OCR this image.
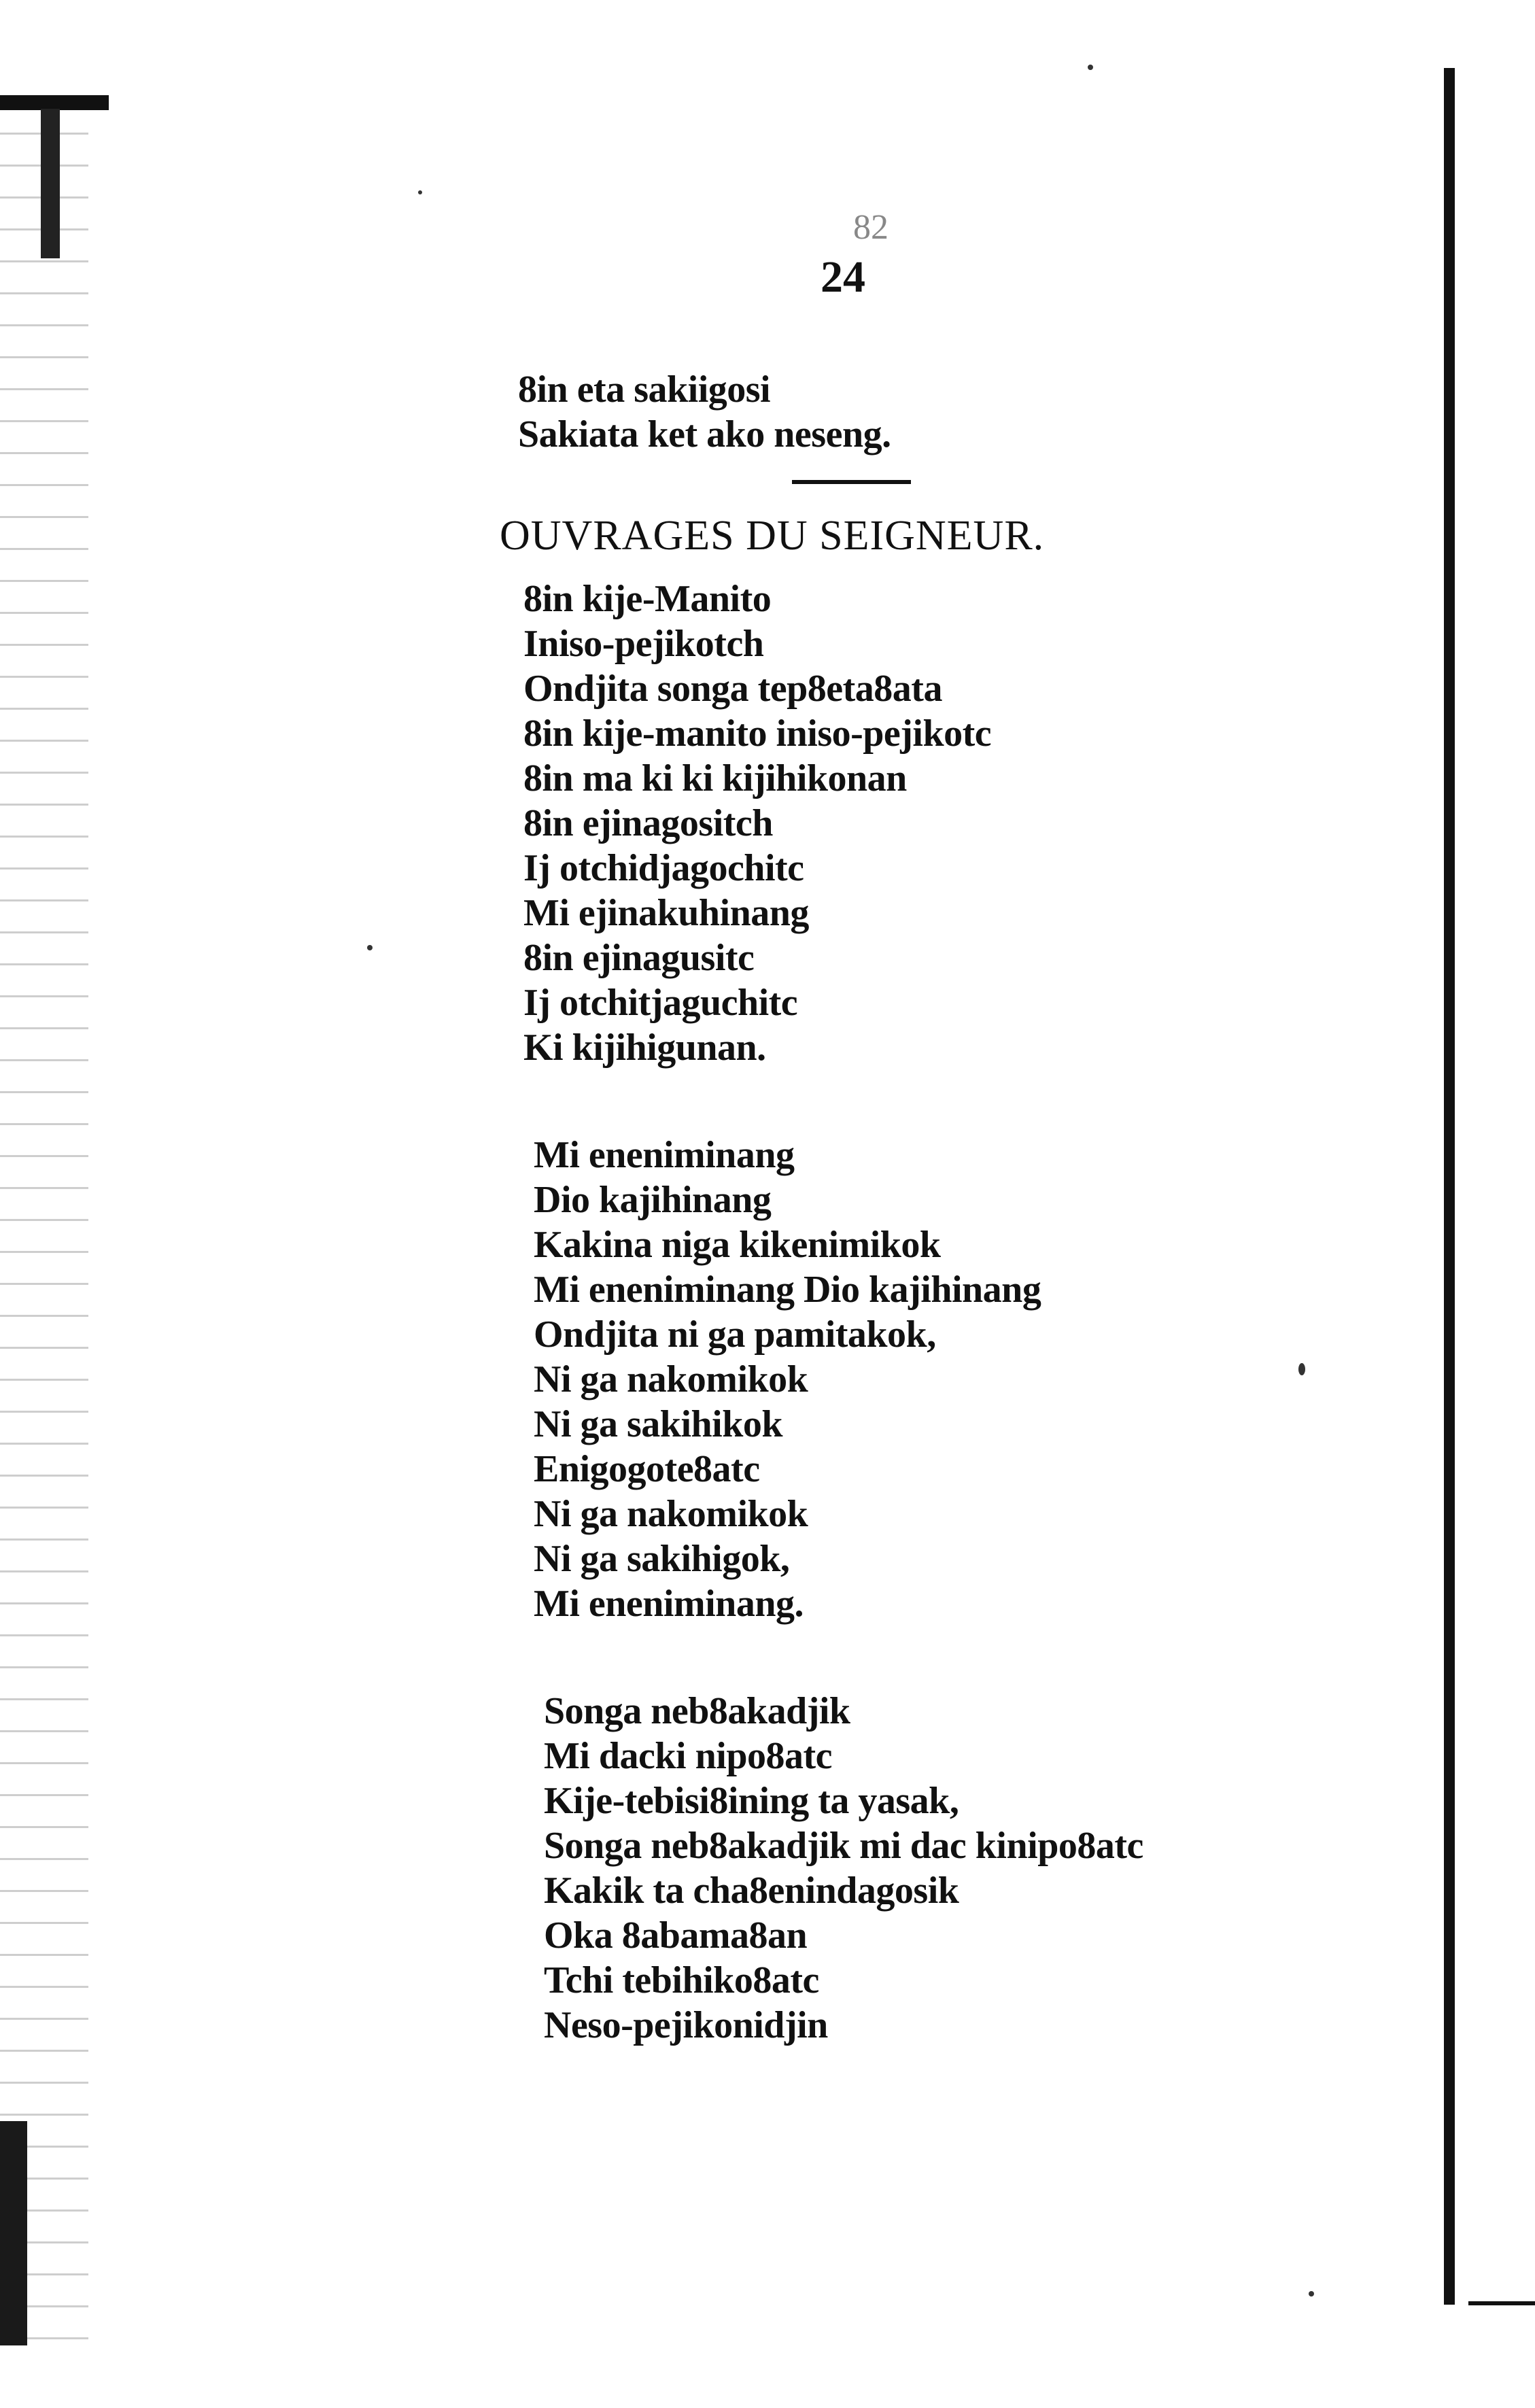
82
24
8in eta sakiigosi
Sakiata ket ako neseng.
OUVRAGES DU SEIGNEUR.
8in kije-Manito
Iniso-pejikotch
Ondjita songa tep8eta8ata
8in kije-manito iniso-pejikotc
8in ma ki ki kijihikonan
8in ejinagositch
Ij otchidjagochitc
Mi ejinakuhinang
8in ejinagusitc
Ij otchitjaguchitc
Ki kijihigunan.
Mi eneniminang
Dio kajihinang
Kakina niga kikenimikok
Mi eneniminang Dio kajihinang
Ondjita ni ga pamitakok,
Ni ga nakomikok
Ni ga sakihikok
Enigogote8atc
Ni ga nakomikok
Ni ga sakihigok,
Mi eneniminang.
Songa neb8akadjik
Mi dacki nipo8atc
Kije-tebisi8ining ta yasak,
Songa neb8akadjik mi dac kinipo8atc
Kakik ta cha8enindagosik
Oka 8abama8an
Tchi tebihiko8atc
Neso-pejikonidjin
